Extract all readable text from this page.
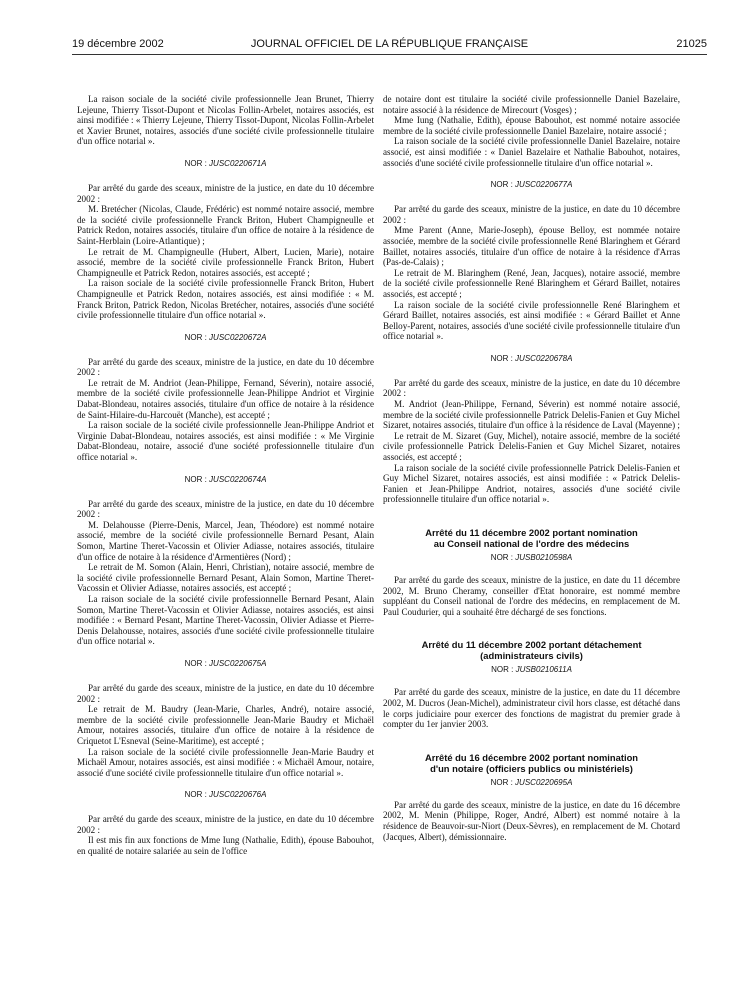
19 décembre 2002	JOURNAL OFFICIEL DE LA RÉPUBLIQUE FRANÇAISE	21025

La raison sociale de la société civile professionnelle Jean Brunet, Thierry Lejeune, Thierry Tissot-Dupont et Nicolas Follin-Arbelet, notaires associés, est ainsi modifiée : « Thierry Lejeune, Thierry Tissot-Dupont, Nicolas Follin-Arbelet et Xavier Brunet, notaires, associés d'une société civile professionnelle titulaire d'un office notarial ».

NOR : JUSC0220671A

Par arrêté du garde des sceaux, ministre de la justice, en date du 10 décembre 2002 :

M. Bretécher (Nicolas, Claude, Frédéric) est nommé notaire associé, membre de la société civile professionnelle Franck Briton, Hubert Champigneulle et Patrick Redon, notaires associés, titulaire d'un office de notaire à la résidence de Saint-Herblain (Loire-Atlantique) ;

Le retrait de M. Champigneulle (Hubert, Albert, Lucien, Marie), notaire associé, membre de la société civile professionnelle Franck Briton, Hubert Champigneulle et Patrick Redon, notaires associés, est accepté ;

La raison sociale de la société civile professionnelle Franck Briton, Hubert Champigneulle et Patrick Redon, notaires associés, est ainsi modifiée : « M. Franck Briton, Patrick Redon, Nicolas Bretécher, notaires, associés d'une société civile professionnelle titulaire d'un office notarial ».

NOR : JUSC0220672A

Par arrêté du garde des sceaux, ministre de la justice, en date du 10 décembre 2002 :

Le retrait de M. Andriot (Jean-Philippe, Fernand, Séverin), notaire associé, membre de la société civile professionnelle Jean-Philippe Andriot et Virginie Dabat-Blondeau, notaires associés, titulaire d'un office de notaire à la résidence de Saint-Hilaire-du-Harcouët (Manche), est accepté ;

La raison sociale de la société civile professionnelle Jean-Philippe Andriot et Virginie Dabat-Blondeau, notaires associés, est ainsi modifiée : « Me Virginie Dabat-Blondeau, notaire, associé d'une société professionnelle titulaire d'un office notarial ».

NOR : JUSC0220674A

Par arrêté du garde des sceaux, ministre de la justice, en date du 10 décembre 2002 :

M. Delahousse (Pierre-Denis, Marcel, Jean, Théodore) est nommé notaire associé, membre de la société civile professionnelle Bernard Pesant, Alain Somon, Martine Theret-Vacossin et Olivier Adiasse, notaires associés, titulaire d'un office de notaire à la résidence d'Armentières (Nord) ;

Le retrait de M. Somon (Alain, Henri, Christian), notaire associé, membre de la société civile professionnelle Bernard Pesant, Alain Somon, Martine Theret-Vacossin et Olivier Adiasse, notaires associés, est accepté ;

La raison sociale de la société civile professionnelle Bernard Pesant, Alain Somon, Martine Theret-Vacossin et Olivier Adiasse, notaires associés, est ainsi modifiée : « Bernard Pesant, Martine Theret-Vacossin, Olivier Adiasse et Pierre-Denis Delahousse, notaires, associés d'une société civile professionnelle titulaire d'un office notarial ».

NOR : JUSC0220675A

Par arrêté du garde des sceaux, ministre de la justice, en date du 10 décembre 2002 :

Le retrait de M. Baudry (Jean-Marie, Charles, André), notaire associé, membre de la société civile professionnelle Jean-Marie Baudry et Michaël Amour, notaires associés, titulaire d'un office de notaire à la résidence de Criquetot L'Esneval (Seine-Maritime), est accepté ;

La raison sociale de la société civile professionnelle Jean-Marie Baudry et Michaël Amour, notaires associés, est ainsi modifiée : « Michaël Amour, notaire, associé d'une société civile professionnelle titulaire d'un office notarial ».

NOR : JUSC0220676A

Par arrêté du garde des sceaux, ministre de la justice, en date du 10 décembre 2002 :

Il est mis fin aux fonctions de Mme Iung (Nathalie, Edith), épouse Babouhot, en qualité de notaire salariée au sein de l'office

de notaire dont est titulaire la société civile professionnelle Daniel Bazelaire, notaire associé à la résidence de Mirecourt (Vosges) ;

Mme Iung (Nathalie, Edith), épouse Babouhot, est nommé notaire associée membre de la société civile professionnelle Daniel Bazelaire, notaire associé ;

La raison sociale de la société civile professionnelle Daniel Bazelaire, notaire associé, est ainsi modifiée : « Daniel Bazelaire et Nathalie Babouhot, notaires, associés d'une société civile professionnelle titulaire d'un office notarial ».

NOR : JUSC0220677A

Par arrêté du garde des sceaux, ministre de la justice, en date du 10 décembre 2002 :

Mme Parent (Anne, Marie-Joseph), épouse Belloy, est nommée notaire associée, membre de la société civile professionnelle René Blaringhem et Gérard Baillet, notaires associés, titulaire d'un office de notaire à la résidence d'Arras (Pas-de-Calais) ;

Le retrait de M. Blaringhem (René, Jean, Jacques), notaire associé, membre de la société civile professionnelle René Blaringhem et Gérard Baillet, notaires associés, est accepté ;

La raison sociale de la société civile professionnelle René Blaringhem et Gérard Baillet, notaires associés, est ainsi modifiée : « Gérard Baillet et Anne Belloy-Parent, notaires, associés d'une société civile professionnelle titulaire d'un office notarial ».

NOR : JUSC0220678A

Par arrêté du garde des sceaux, ministre de la justice, en date du 10 décembre 2002 :

M. Andriot (Jean-Philippe, Fernand, Séverin) est nommé notaire associé, membre de la société civile professionnelle Patrick Delelis-Fanien et Guy Michel Sizaret, notaires associés, titulaire d'un office à la résidence de Laval (Mayenne) ;

Le retrait de M. Sizaret (Guy, Michel), notaire associé, membre de la société civile professionnelle Patrick Delelis-Fanien et Guy Michel Sizaret, notaires associés, est accepté ;

La raison sociale de la société civile professionnelle Patrick Delelis-Fanien et Guy Michel Sizaret, notaires associés, est ainsi modifiée : « Patrick Delelis-Fanien et Jean-Philippe Andriot, notaires, associés d'une société civile professionnelle titulaire d'un office notarial ».

Arrêté du 11 décembre 2002 portant nomination
au Conseil national de l'ordre des médecins
NOR : JUSB0210598A

Par arrêté du garde des sceaux, ministre de la justice, en date du 11 décembre 2002, M. Bruno Cheramy, conseiller d'Etat honoraire, est nommé membre suppléant du Conseil national de l'ordre des médecins, en remplacement de M. Paul Coudurier, qui a souhaité être déchargé de ses fonctions.

Arrêté du 11 décembre 2002 portant détachement
(administrateurs civils)
NOR : JUSB0210611A

Par arrêté du garde des sceaux, ministre de la justice, en date du 11 décembre 2002, M. Ducros (Jean-Michel), administrateur civil hors classe, est détaché dans le corps judiciaire pour exercer des fonctions de magistrat du premier grade à compter du 1er janvier 2003.

Arrêté du 16 décembre 2002 portant nomination
d'un notaire (officiers publics ou ministériels)
NOR : JUSC0220695A

Par arrêté du garde des sceaux, ministre de la justice, en date du 16 décembre 2002, M. Menin (Philippe, Roger, André, Albert) est nommé notaire à la résidence de Beauvoir-sur-Niort (Deux-Sèvres), en remplacement de M. Chotard (Jacques, Albert), démissionnaire.
